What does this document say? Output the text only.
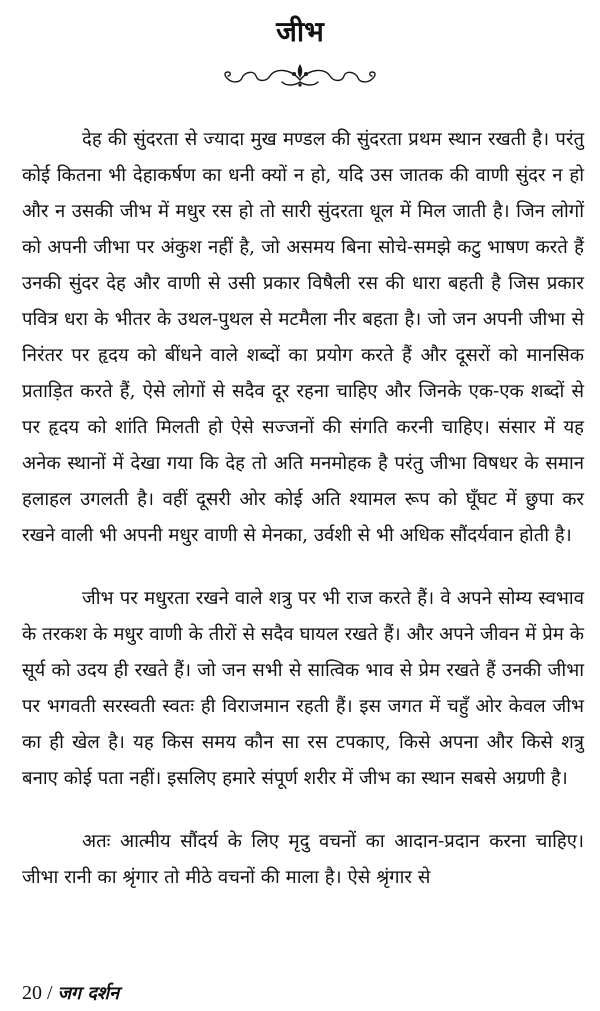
जीभ

देह की सुंदरता से ज्यादा मुख मण्डल की सुंदरता प्रथम स्थान रखती है। परंतु कोई कितना भी देहाकर्षण का धनी क्यों न हो, यदि उस जातक की वाणी सुंदर न हो और न उसकी जीभ में मधुर रस हो तो सारी सुंदरता धूल में मिल जाती है। जिन लोगों को अपनी जीभा पर अंकुश नहीं है, जो असमय बिना सोचे-समझे कटु भाषण करते हैं उनकी सुंदर देह और वाणी से उसी प्रकार विषैली रस की धारा बहती है जिस प्रकार पवित्र धरा के भीतर के उथल-पुथल से मटमैला नीर बहता है। जो जन अपनी जीभा से निरंतर पर हृदय को बींधने वाले शब्दों का प्रयोग करते हैं और दूसरों को मानसिक प्रताड़ित करते हैं, ऐसे लोगों से सदैव दूर रहना चाहिए और जिनके एक-एक शब्दों से पर हृदय को शांति मिलती हो ऐसे सज्जनों की संगति करनी चाहिए। संसार में यह अनेक स्थानों में देखा गया कि देह तो अति मनमोहक है परंतु जीभा विषधर के समान हलाहल उगलती है। वहीं दूसरी ओर कोई अति श्यामल रूप को घूँघट में छुपा कर रखने वाली भी अपनी मधुर वाणी से मेनका, उर्वशी से भी अधिक सौंदर्यवान होती है।

जीभ पर मधुरता रखने वाले शत्रु पर भी राज करते हैं। वे अपने सोम्य स्वभाव के तरकश के मधुर वाणी के तीरों से सदैव घायल रखते हैं। और अपने जीवन में प्रेम के सूर्य को उदय ही रखते हैं। जो जन सभी से सात्विक भाव से प्रेम रखते हैं उनकी जीभा पर भगवती सरस्वती स्वतः ही विराजमान रहती हैं। इस जगत में चहुँ ओर केवल जीभ का ही खेल है। यह किस समय कौन सा रस टपकाए, किसे अपना और किसे शत्रु बनाए कोई पता नहीं। इसलिए हमारे संपूर्ण शरीर में जीभ का स्थान सबसे अग्रणी है।

अतः आत्मीय सौंदर्य के लिए मृदु वचनों का आदान-प्रदान करना चाहिए। जीभा रानी का श्रृंगार तो मीठे वचनों की माला है। ऐसे श्रृंगार से

20 / जग दर्शन
